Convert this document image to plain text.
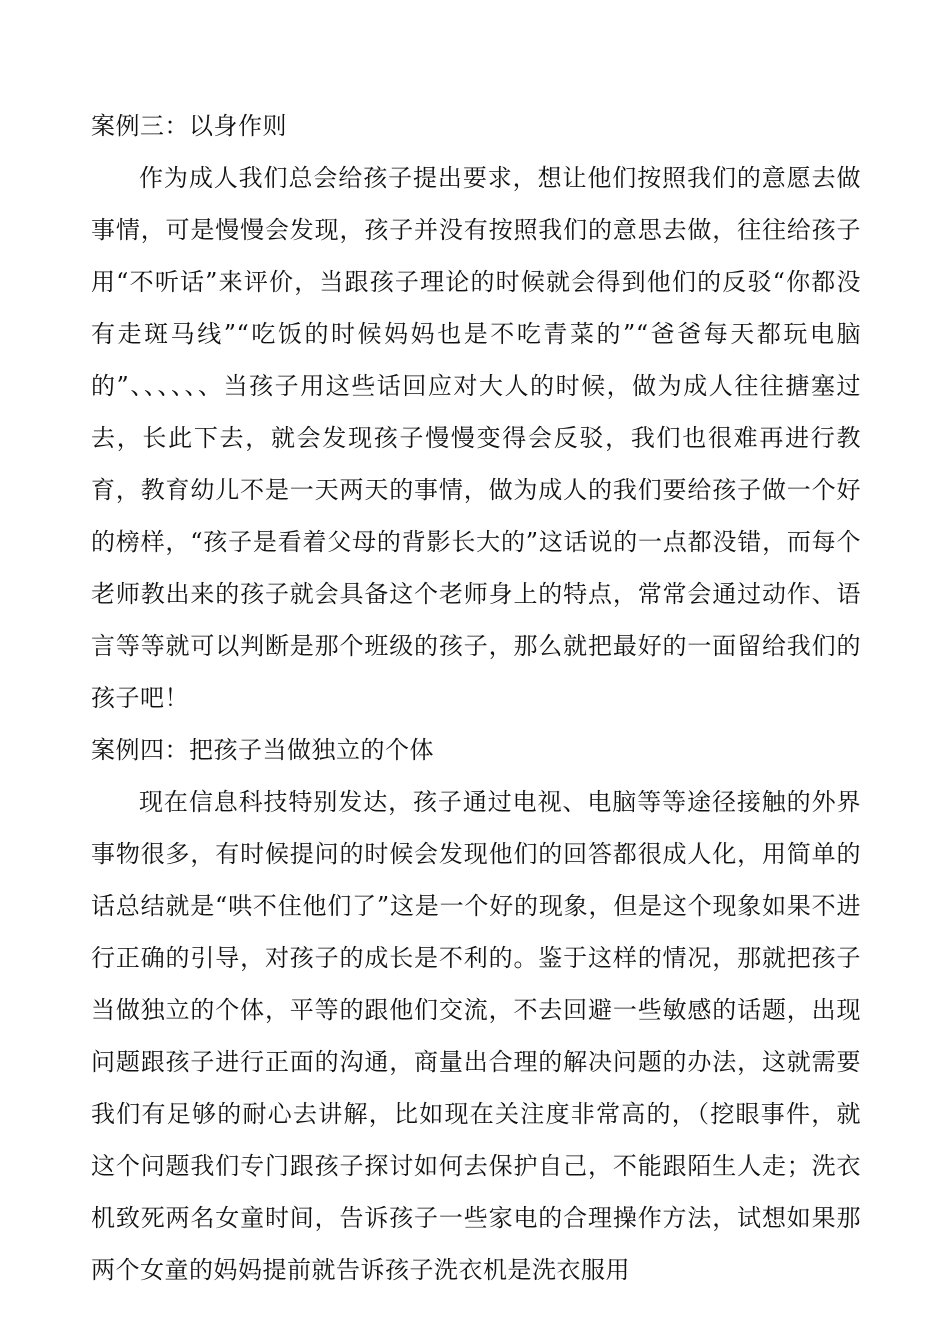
案例三：以身作则

作为成人我们总会给孩子提出要求，想让他们按照我们的意愿去做事情，可是慢慢会发现，孩子并没有按照我们的意思去做，往往给孩子用“不听话”来评价，当跟孩子理论的时候就会得到他们的反驳“你都没有走斑马线”“吃饭的时候妈妈也是不吃青菜的”“爸爸每天都玩电脑的”、、、、、、当孩子用这些话回应对大人的时候，做为成人往往搪塞过去，长此下去，就会发现孩子慢慢变得会反驳，我们也很难再进行教育，教育幼儿不是一天两天的事情，做为成人的我们要给孩子做一个好的榜样，“孩子是看着父母的背影长大的”这话说的一点都没错，而每个老师教出来的孩子就会具备这个老师身上的特点，常常会通过动作、语言等等就可以判断是那个班级的孩子，那么就把最好的一面留给我们的孩子吧！

案例四：把孩子当做独立的个体

现在信息科技特别发达，孩子通过电视、电脑等等途径接触的外界事物很多，有时候提问的时候会发现他们的回答都很成人化，用简单的话总结就是“哄不住他们了”这是一个好的现象，但是这个现象如果不进行正确的引导，对孩子的成长是不利的。鉴于这样的情况，那就把孩子当做独立的个体，平等的跟他们交流，不去回避一些敏感的话题，出现问题跟孩子进行正面的沟通，商量出合理的解决问题的办法，这就需要我们有足够的耐心去讲解，比如现在关注度非常高的，（挖眼事件，就这个问题我们专门跟孩子探讨如何去保护自己，不能跟陌生人走；洗衣机致死两名女童时间，告诉孩子一些家电的合理操作方法，试想如果那两个女童的妈妈提前就告诉孩子洗衣机是洗衣服用
